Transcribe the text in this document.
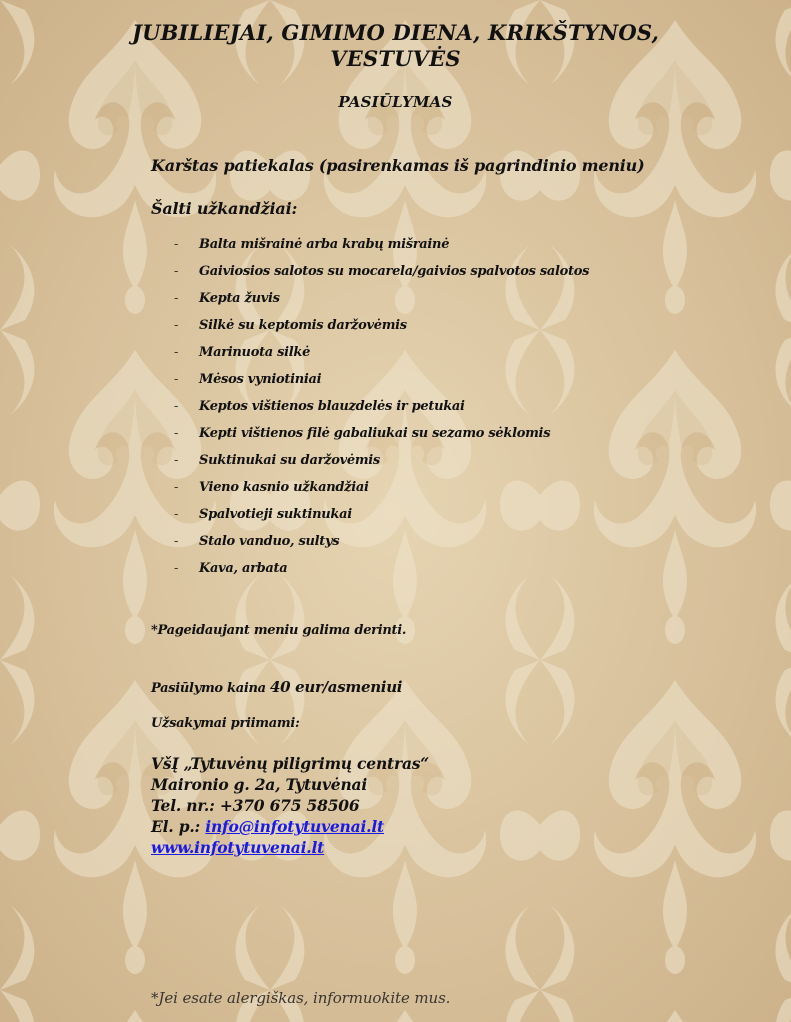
JUBILIEJAI, GIMIMO DIENA, KRIKŠTYNOS,
VESTUVĖS
PASIŪLYMAS
Karštas patiekalas (pasirenkamas iš pagrindinio meniu)
Šalti užkandžiai:
-	Balta mišrainė arba krabų mišrainė
-	Gaiviosios salotos su mocarela/gaivios spalvotos salotos
-	Kepta žuvis
-	Silkė su keptomis daržovėmis
-	Marinuota silkė
-	Mėsos vyniotiniai
-	Keptos vištienos blauzdelės ir petukai
-	Kepti vištienos filė gabaliukai su sezamo sėklomis
-	Suktinukai su daržovėmis
-	Vieno kasnio užkandžiai
-	Spalvotieji suktinukai
-	Stalo vanduo, sultys
-	Kava, arbata
*Pageidaujant meniu galima derinti.
Pasiūlymo kaina 40 eur/asmeniui
Užsakymai priimami:
VšĮ „Tytuvėnų piligrimų centras“
Maironio g. 2a, Tytuvėnai
Tel. nr.: +370 675 58506
El. p.: info@infotytuvenai.lt
www.infotytuvenai.lt
*Jei esate alergiškas, informuokite mus.
